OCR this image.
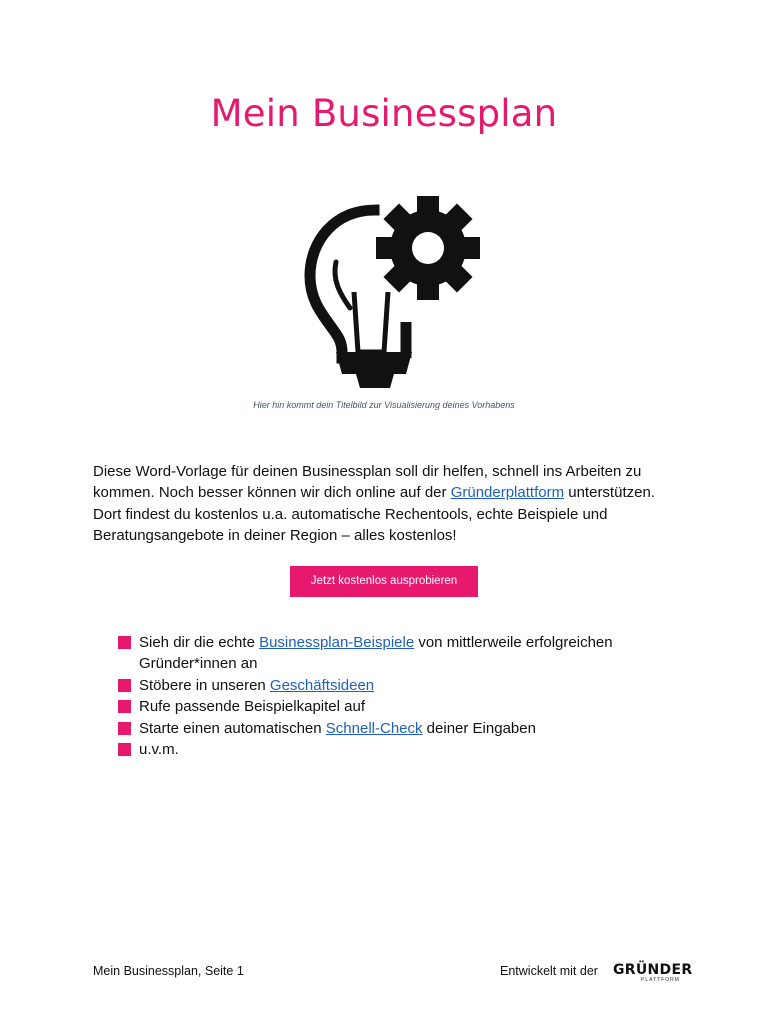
Mein Businessplan
Hier hin kommt dein Titelbild zur Visualisierung deines Vorhabens
Diese Word-Vorlage für deinen Businessplan soll dir helfen, schnell ins Arbeiten zu kommen. Noch besser können wir dich online auf der Gründerplattform unterstützen. Dort findest du kostenlos u.a. automatische Rechentools, echte Beispiele und Beratungsangebote in deiner Region – alles kostenlos!
Jetzt kostenlos ausprobieren
Sieh dir die echte Businessplan-Beispiele von mittlerweile erfolgreichen Gründer*innen an
Stöbere in unseren Geschäftsideen
Rufe passende Beispielkapitel auf
Starte einen automatischen Schnell-Check deiner Eingaben
u.v.m.
Mein Businessplan, Seite 1	Entwickelt mit der GRÜNDER
PLATTFORM
